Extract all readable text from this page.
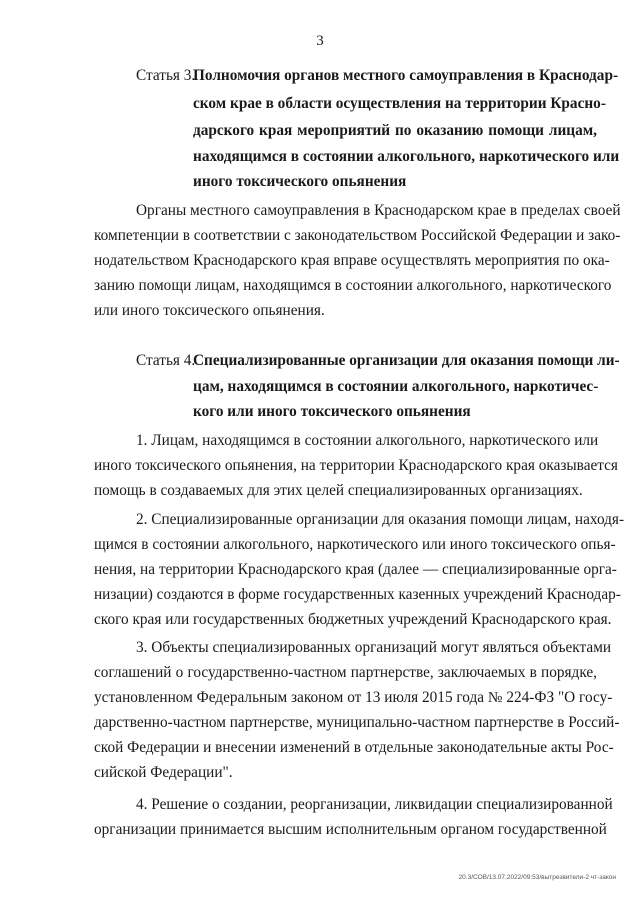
3
Статья 3.
Полномочия органов местного самоуправления в Краснодар-
ском крае в области осуществления на территории Красно-
дарского края мероприятий по оказанию помощи лицам,
находящимся в состоянии алкогольного, наркотического или
иного токсического опьянения
Органы местного самоуправления в Краснодарском крае в пределах своей
компетенции в соответствии с законодательством Российской Федерации и зако-
нодательством Краснодарского края вправе осуществлять мероприятия по ока-
занию помощи лицам, находящимся в состоянии алкогольного, наркотического
или иного токсического опьянения.
Статья 4.
Специализированные организации для оказания помощи ли-
цам, находящимся в состоянии алкогольного, наркотичес-
кого или иного токсического опьянения
1. Лицам, находящимся в состоянии алкогольного, наркотического или
иного токсического опьянения, на территории Краснодарского края оказывается
помощь в создаваемых для этих целей специализированных организациях.
2. Специализированные организации для оказания помощи лицам, находя-
щимся в состоянии алкогольного, наркотического или иного токсического опья-
нения, на территории Краснодарского края (далее — специализированные орга-
низации) создаются в форме государственных казенных учреждений Краснодар-
ского края или государственных бюджетных учреждений Краснодарского края.
3. Объекты специализированных организаций могут являться объектами
соглашений о государственно-частном партнерстве, заключаемых в порядке,
установленном Федеральным законом от 13 июля 2015 года № 224-ФЗ "О госу-
дарственно-частном партнерстве, муниципально-частном партнерстве в Россий-
ской Федерации и внесении изменений в отдельные законодательные акты Рос-
сийской Федерации".
4. Решение о создании, реорганизации, ликвидации специализированной
организации принимается высшим исполнительным органом государственной
20.3/СОВ/13.07.2022/09:53/вытрезвители-2 чт-закон
